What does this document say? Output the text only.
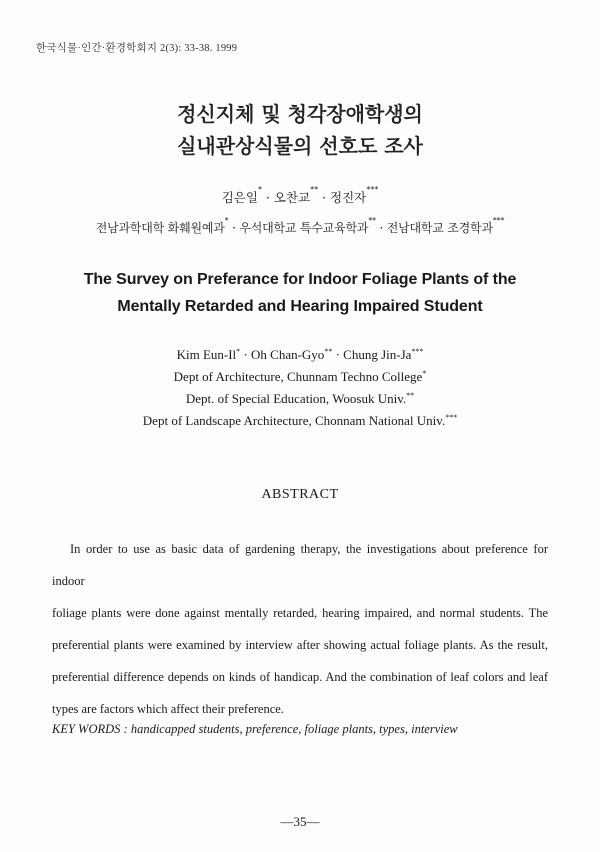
한국식물·인간·환경학회지 2(3): 33-38. 1999
정신지체 및 청각장애학생의
실내관상식물의 선호도 조사
김은일* · 오찬교** · 정진자***
전남과학대학 화훼원예과* · 우석대학교 특수교육학과** · 전남대학교 조경학과***
The Survey on Preferance for Indoor Foliage Plants of the
Mentally Retarded and Hearing Impaired Student
Kim Eun-Il* · Oh Chan-Gyo** · Chung Jin-Ja***
Dept of Architecture, Chunnam Techno College*
Dept. of Special Education, Woosuk Univ.**
Dept of Landscape Architecture, Chonnam National Univ.***
ABSTRACT
In order to use as basic data of gardening therapy, the investigations about preference for indoor
foliage plants were done against mentally retarded, hearing impaired, and normal students. The
preferential plants were examined by interview after showing actual foliage plants. As the result,
preferential difference depends on kinds of handicap. And the combination of leaf colors and leaf
types are factors which affect their preference.
KEY WORDS : handicapped students, preference, foliage plants, types, interview
—35—
